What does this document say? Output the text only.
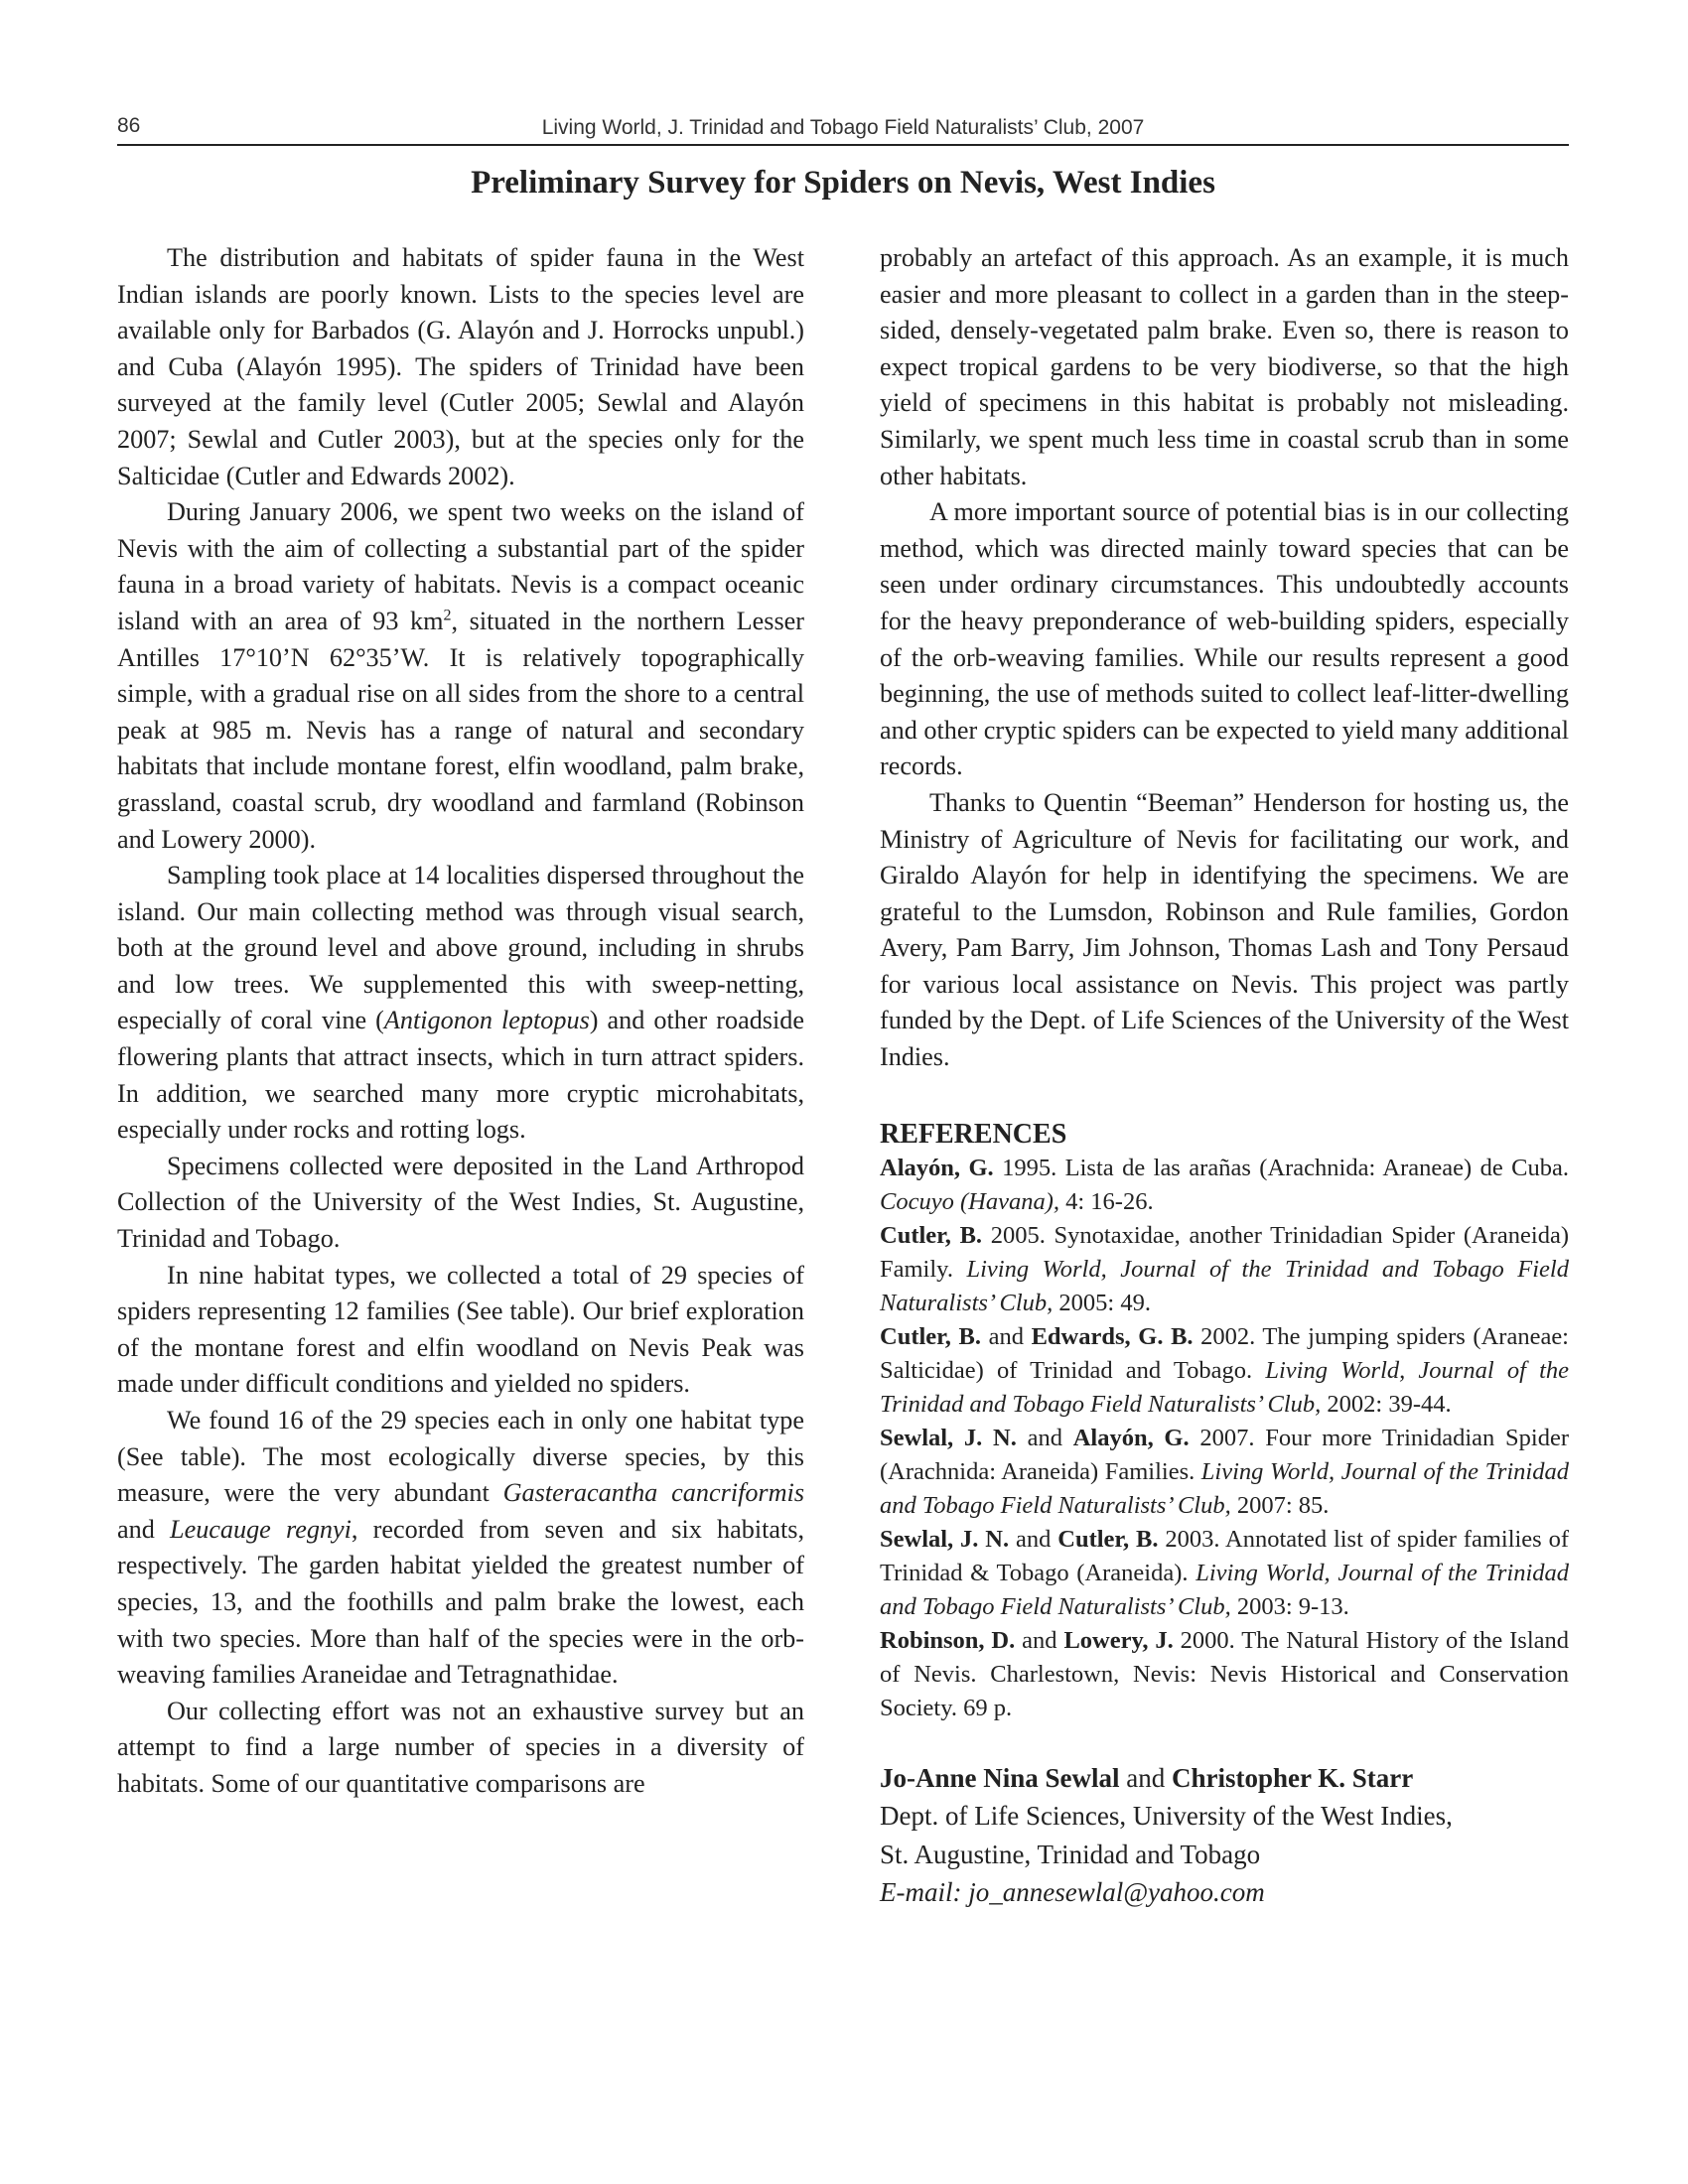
86	Living World, J. Trinidad and Tobago Field Naturalists’ Club, 2007
Preliminary Survey for Spiders on Nevis, West Indies

The distribution and habitats of spider fauna in the West Indian islands are poorly known. Lists to the species level are available only for Barbados (G. Alayón and J. Horrocks unpubl.) and Cuba (Alayón 1995). The spiders of Trinidad have been surveyed at the family level (Cutler 2005; Sewlal and Alayón 2007; Sewlal and Cutler 2003), but at the species only for the Salticidae (Cutler and Edwards 2002).

During January 2006, we spent two weeks on the island of Nevis with the aim of collecting a substantial part of the spider fauna in a broad variety of habitats. Nevis is a compact oceanic island with an area of 93 $km^2$, situated in the northern Lesser Antilles 17°10’N 62°35’W. It is relatively topographically simple, with a gradual rise on all sides from the shore to a central peak at 985 m. Nevis has a range of natural and secondary habitats that include montane forest, elfin woodland, palm brake, grassland, coastal scrub, dry woodland and farmland (Robinson and Lowery 2000).

Sampling took place at 14 localities dispersed throughout the island. Our main collecting method was through visual search, both at the ground level and above ground, including in shrubs and low trees. We supplemented this with sweep-netting, especially of coral vine (Antigonon leptopus) and other roadside flowering plants that attract insects, which in turn attract spiders. In addition, we searched many more cryptic microhabitats, especially under rocks and rotting logs.

Specimens collected were deposited in the Land Arthropod Collection of the University of the West Indies, St. Augustine, Trinidad and Tobago.

In nine habitat types, we collected a total of 29 species of spiders representing 12 families (See table). Our brief exploration of the montane forest and elfin woodland on Nevis Peak was made under difficult conditions and yielded no spiders.

We found 16 of the 29 species each in only one habitat type (See table). The most ecologically diverse species, by this measure, were the very abundant Gasteracantha cancriformis and Leucauge regnyi, recorded from seven and six habitats, respectively. The garden habitat yielded the greatest number of species, 13, and the foothills and palm brake the lowest, each with two species. More than half of the species were in the orb-weaving families Araneidae and Tetragnathidae.

Our collecting effort was not an exhaustive survey but an attempt to find a large number of species in a diversity of habitats. Some of our quantitative comparisons are

probably an artefact of this approach. As an example, it is much easier and more pleasant to collect in a garden than in the steep-sided, densely-vegetated palm brake. Even so, there is reason to expect tropical gardens to be very biodiverse, so that the high yield of specimens in this habitat is probably not misleading. Similarly, we spent much less time in coastal scrub than in some other habitats.

A more important source of potential bias is in our collecting method, which was directed mainly toward species that can be seen under ordinary circumstances. This undoubtedly accounts for the heavy preponderance of web-building spiders, especially of the orb-weaving families. While our results represent a good beginning, the use of methods suited to collect leaf-litter-dwelling and other cryptic spiders can be expected to yield many additional records.

Thanks to Quentin “Beeman” Henderson for hosting us, the Ministry of Agriculture of Nevis for facilitating our work, and Giraldo Alayón for help in identifying the specimens. We are grateful to the Lumsdon, Robinson and Rule families, Gordon Avery, Pam Barry, Jim Johnson, Thomas Lash and Tony Persaud for various local assistance on Nevis. This project was partly funded by the Dept. of Life Sciences of the University of the West Indies.

REFERENCES
Alayón, G. 1995. Lista de las arañas (Arachnida: Araneae) de Cuba. Cocuyo (Havana), 4: 16-26.
Cutler, B. 2005. Synotaxidae, another Trinidadian Spider (Araneida) Family. Living World, Journal of the Trinidad and Tobago Field Naturalists’ Club, 2005: 49.
Cutler, B. and Edwards, G. B. 2002. The jumping spiders (Araneae: Salticidae) of Trinidad and Tobago. Living World, Journal of the Trinidad and Tobago Field Naturalists’ Club, 2002: 39-44.
Sewlal, J. N. and Alayón, G. 2007. Four more Trinidadian Spider (Arachnida: Araneida) Families. Living World, Journal of the Trinidad and Tobago Field Naturalists’ Club, 2007: 85.
Sewlal, J. N. and Cutler, B. 2003. Annotated list of spider families of Trinidad & Tobago (Araneida). Living World, Journal of the Trinidad and Tobago Field Naturalists’ Club, 2003: 9-13.
Robinson, D. and Lowery, J. 2000. The Natural History of the Island of Nevis. Charlestown, Nevis: Nevis Historical and Conservation Society. 69 p.
Jo-Anne Nina Sewlal and Christopher K. Starr
Dept. of Life Sciences, University of the West Indies,
St. Augustine, Trinidad and Tobago
E-mail: jo_annesewlal@yahoo.com
